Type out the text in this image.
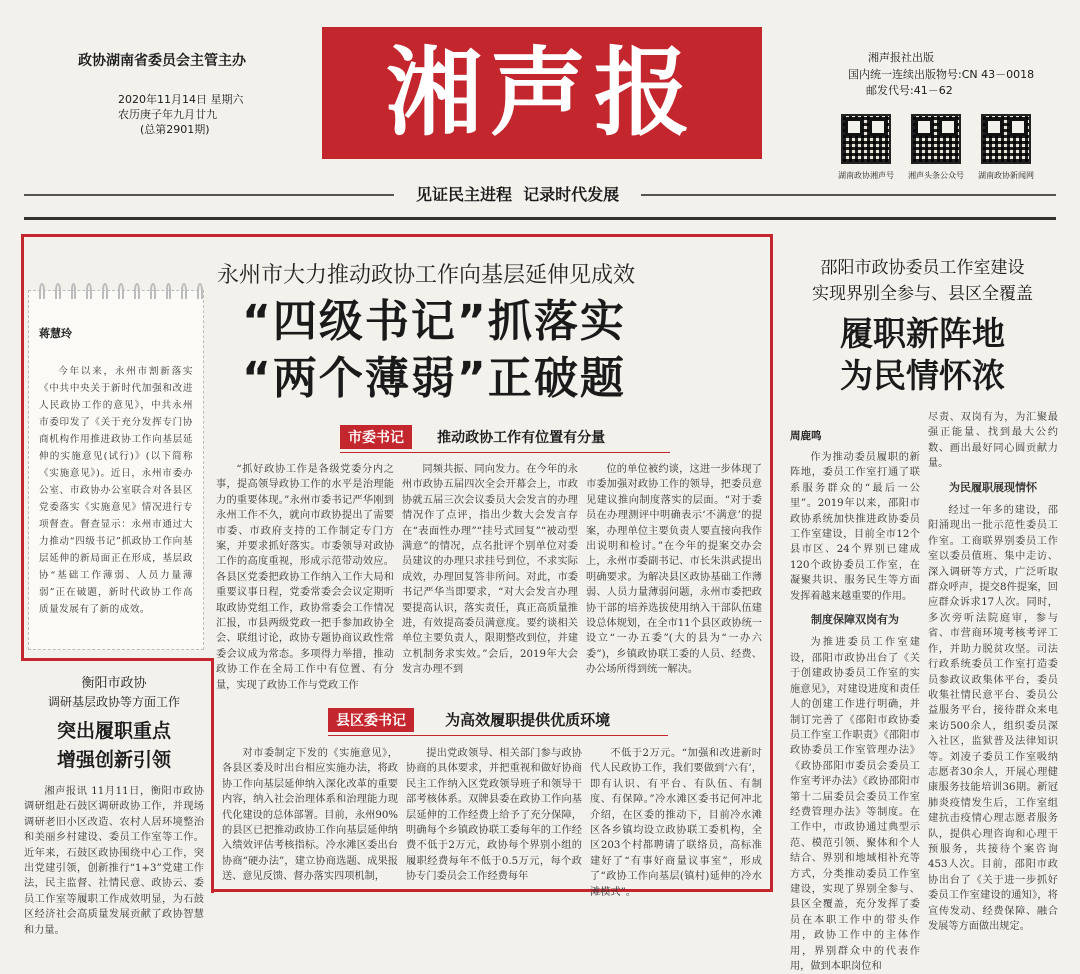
政协湖南省委员会主管主办
2020年11月14日 星期六
农历庚子年九月廿九
(总第2901期) 湘声报	湘声报社出版
国内统一连续出版物号:CN 43－0018
邮发代号:41－62
湖南政协湘声号 湘声头条公众号 湖南政协新闻网
见证民主进程  记录时代发展
永州市大力推动政协工作向基层延伸见成效
“四级书记”抓落实
“两个薄弱”正破题
市委书记 推动政协工作有位置有分量
蒋慧玲

今年以来，永州市割新落实《中共中央关于新时代加强和改进人民政协工作的意见》，中共永州市委印发了《关于充分发挥专门协商机构作用推进政协工作向基层延伸的实施意见(试行)》(以下简称《实施意见》)。近日，永州市委办公室、市政协办公室联合对各县区党委落实《实施意见》情况进行专项督查。督查显示：永州市通过大力推动“四级书记”抓政协工作向基层延伸的新局面正在形成，基层政协“基础工作薄弱、人员力量薄弱”正在破题，新时代政协工作高质量发展有了新的成效。

“抓好政协工作是各级党委分内之事，提高领导政协工作的水平是治理能力的重要体现。”永州市委书记严华刚到永州工作不久，就向市政协提出了需要市委、市政府支持的工作制定专门方案，并要求抓好落实。市委领导对政协工作的高度重视，形成示范带动效应。各县区党委把政协工作纳入工作大局和重要议事日程，党委常委会会议定期听取政协党组工作，政协常委会工作情况汇报，市县两级党政一把手参加政协全会、联组讨论，政协专题协商议政性常委会议成为常态。多项得力举措，推动政协工作在全局工作中有位置、有分量，实现了政协工作与党政工作

同频共振、同向发力。在今年的永州市政协五届四次全会开幕会上，市政协就五届三次会议委员大会发言的办理情况作了点评，指出少数大会发言存在“表面性办理”“挂号式回复”“被动型满意”的情况，点名批评个别单位对委员建议的办理只求挂号到位，不求实际成效，办理回复答非所问。对此，市委书记严华当即要求，“对大会发言办理要提高认识，落实责任，真正高质量推进，有效提高委员满意度。要约谈相关单位主要负责人，限期整改到位，并建立机制务求实效。”会后，2019年大会发言办理不到

位的单位被约谈，这进一步体现了市委加强对政协工作的领导，把委员意见建议推向制度落实的层面。“对于委员在办理测评中明确表示‘不满意’的提案，办理单位主要负责人要直接向我作出说明和检讨。”在今年的提案交办会上，永州市委副书记、市长朱洪武提出明确要求。为解决县区政协基础工作薄弱、人员力量薄弱问题，永州市委把政协干部的培养选拔使用纳入干部队伍建设总体规划，在全市11个县区政协统一设立“一办五委”(大的县为“一办六委”)，乡镇政协联工委的人员、经费、办公场所得到统一解决。

县区委书记	为高效履职提供优质环境

对市委制定下发的《实施意见》，各县区委及时出台相应实施办法，将政协工作向基层延伸纳入深化改革的重要内容，纳入社会治理体系和治理能力现代化建设的总体部署。目前，永州90%的县区已把推动政协工作向基层延伸纳入绩效评估考核指标。冷水滩区委出台协商“硬办法”，建立协商选题、成果报送、意见反馈、督办落实四项机制，

提出党政领导、相关部门参与政协协商的具体要求，并把重视和做好协商民主工作纳入区党政领导班子和领导干部考核体系。双牌县委在政协工作向基层延伸的工作经费上给予了充分保障，明确每个乡镇政协联工委每年的工作经费不低于2万元，政协每个界别小组的履职经费每年不低于0.5万元，每个政协专门委员会工作经费每年

不低于2万元。“加强和改进新时代人民政协工作，我们要做到‘六有’，即有认识、有平台、有队伍、有制度、有保障。”冷水滩区委书记何冲北介绍，在区委的推动下，目前冷水滩区各乡镇均设立政协联工委机构，全区203个村都聘请了联络员，高标准建好了“有事好商量议事室”，形成了“政协工作向基层(镇村)延伸的冷水滩模式”。

衡阳市政协
调研基层政协等方面工作
突出履职重点
增强创新引领

湘声报讯 11月11日，衡阳市政协调研组赴石鼓区调研政协工作，并现场调研老旧小区改造、农村人居环境整治和美丽乡村建设、委员工作室等工作。近年来，石鼓区政协围绕中心工作，突出党建引领，创新推行“1+3”党建工作法，民主监督、社情民意、政协云、委员工作室等履职工作成效明显，为石鼓区经济社会高质量发展贡献了政协智慧和力量。

邵阳市政协委员工作室建设
实现界别全参与、县区全覆盖
履职新阵地
为民情怀浓
周鹿鸣

作为推动委员履职的新阵地，委员工作室打通了联系服务群众的“最后一公里”。2019年以来，邵阳市政协系统加快推进政协委员工作室建设，目前全市12个县市区、24个界别已建成120个政协委员工作室，在凝聚共识、服务民生等方面发挥着越来越重要的作用。

制度保障双岗有为

为推进委员工作室建设，邵阳市政协出台了《关于创建政协委员工作室的实施意见》，对建设进度和责任人的创建工作进行明确，并制订完善了《邵阳市政协委员工作室工作职责》《邵阳市政协委员工作室管理办法》《政协邵阳市委员会委员工作室考评办法》《政协邵阳市第十二届委员会委员工作室经费管理办法》等制度。在工作中，市政协通过典型示范、模范引领、聚体和个人结合、界别和地域相补充等方式，分类推动委员工作室建设，实现了界别全参与、县区全覆盖，充分发挥了委员在本职工作中的带头作用，政协工作中的主体作用，界别群众中的代表作用，做到本职岗位和

尽责、双岗有为，为汇聚最强正能量、找到最大公约数、画出最好同心圆贡献力量。

为民履职展现情怀

经过一年多的建设，邵阳涌现出一批示范性委员工作室。工商联界别委员工作室以委员值班、集中走访、深入调研等方式，广泛听取群众呼声，提交8件提案，回应群众诉求17人次。同时，多次旁听法院庭审，参与省、市营商环境考核考评工作，并助力脱贫攻坚。司法行政系统委员工作室打造委员参政议政集体平台，委员收集社情民意平台、委员公益服务平台，接待群众来电来访500余人，组织委员深入社区，监狱普及法律知识等。刘凌子委员工作室吸纳志愿者30余人，开展心理健康服务技能培训36期。新冠肺炎疫情发生后，工作室组建抗击疫情心理志愿者服务队，提供心理咨询和心理干预服务，共接待个案咨询453人次。目前，邵阳市政协出台了《关于进一步抓好委员工作室建设的通知》，将宣传发动、经费保障、融合发展等方面做出规定。
